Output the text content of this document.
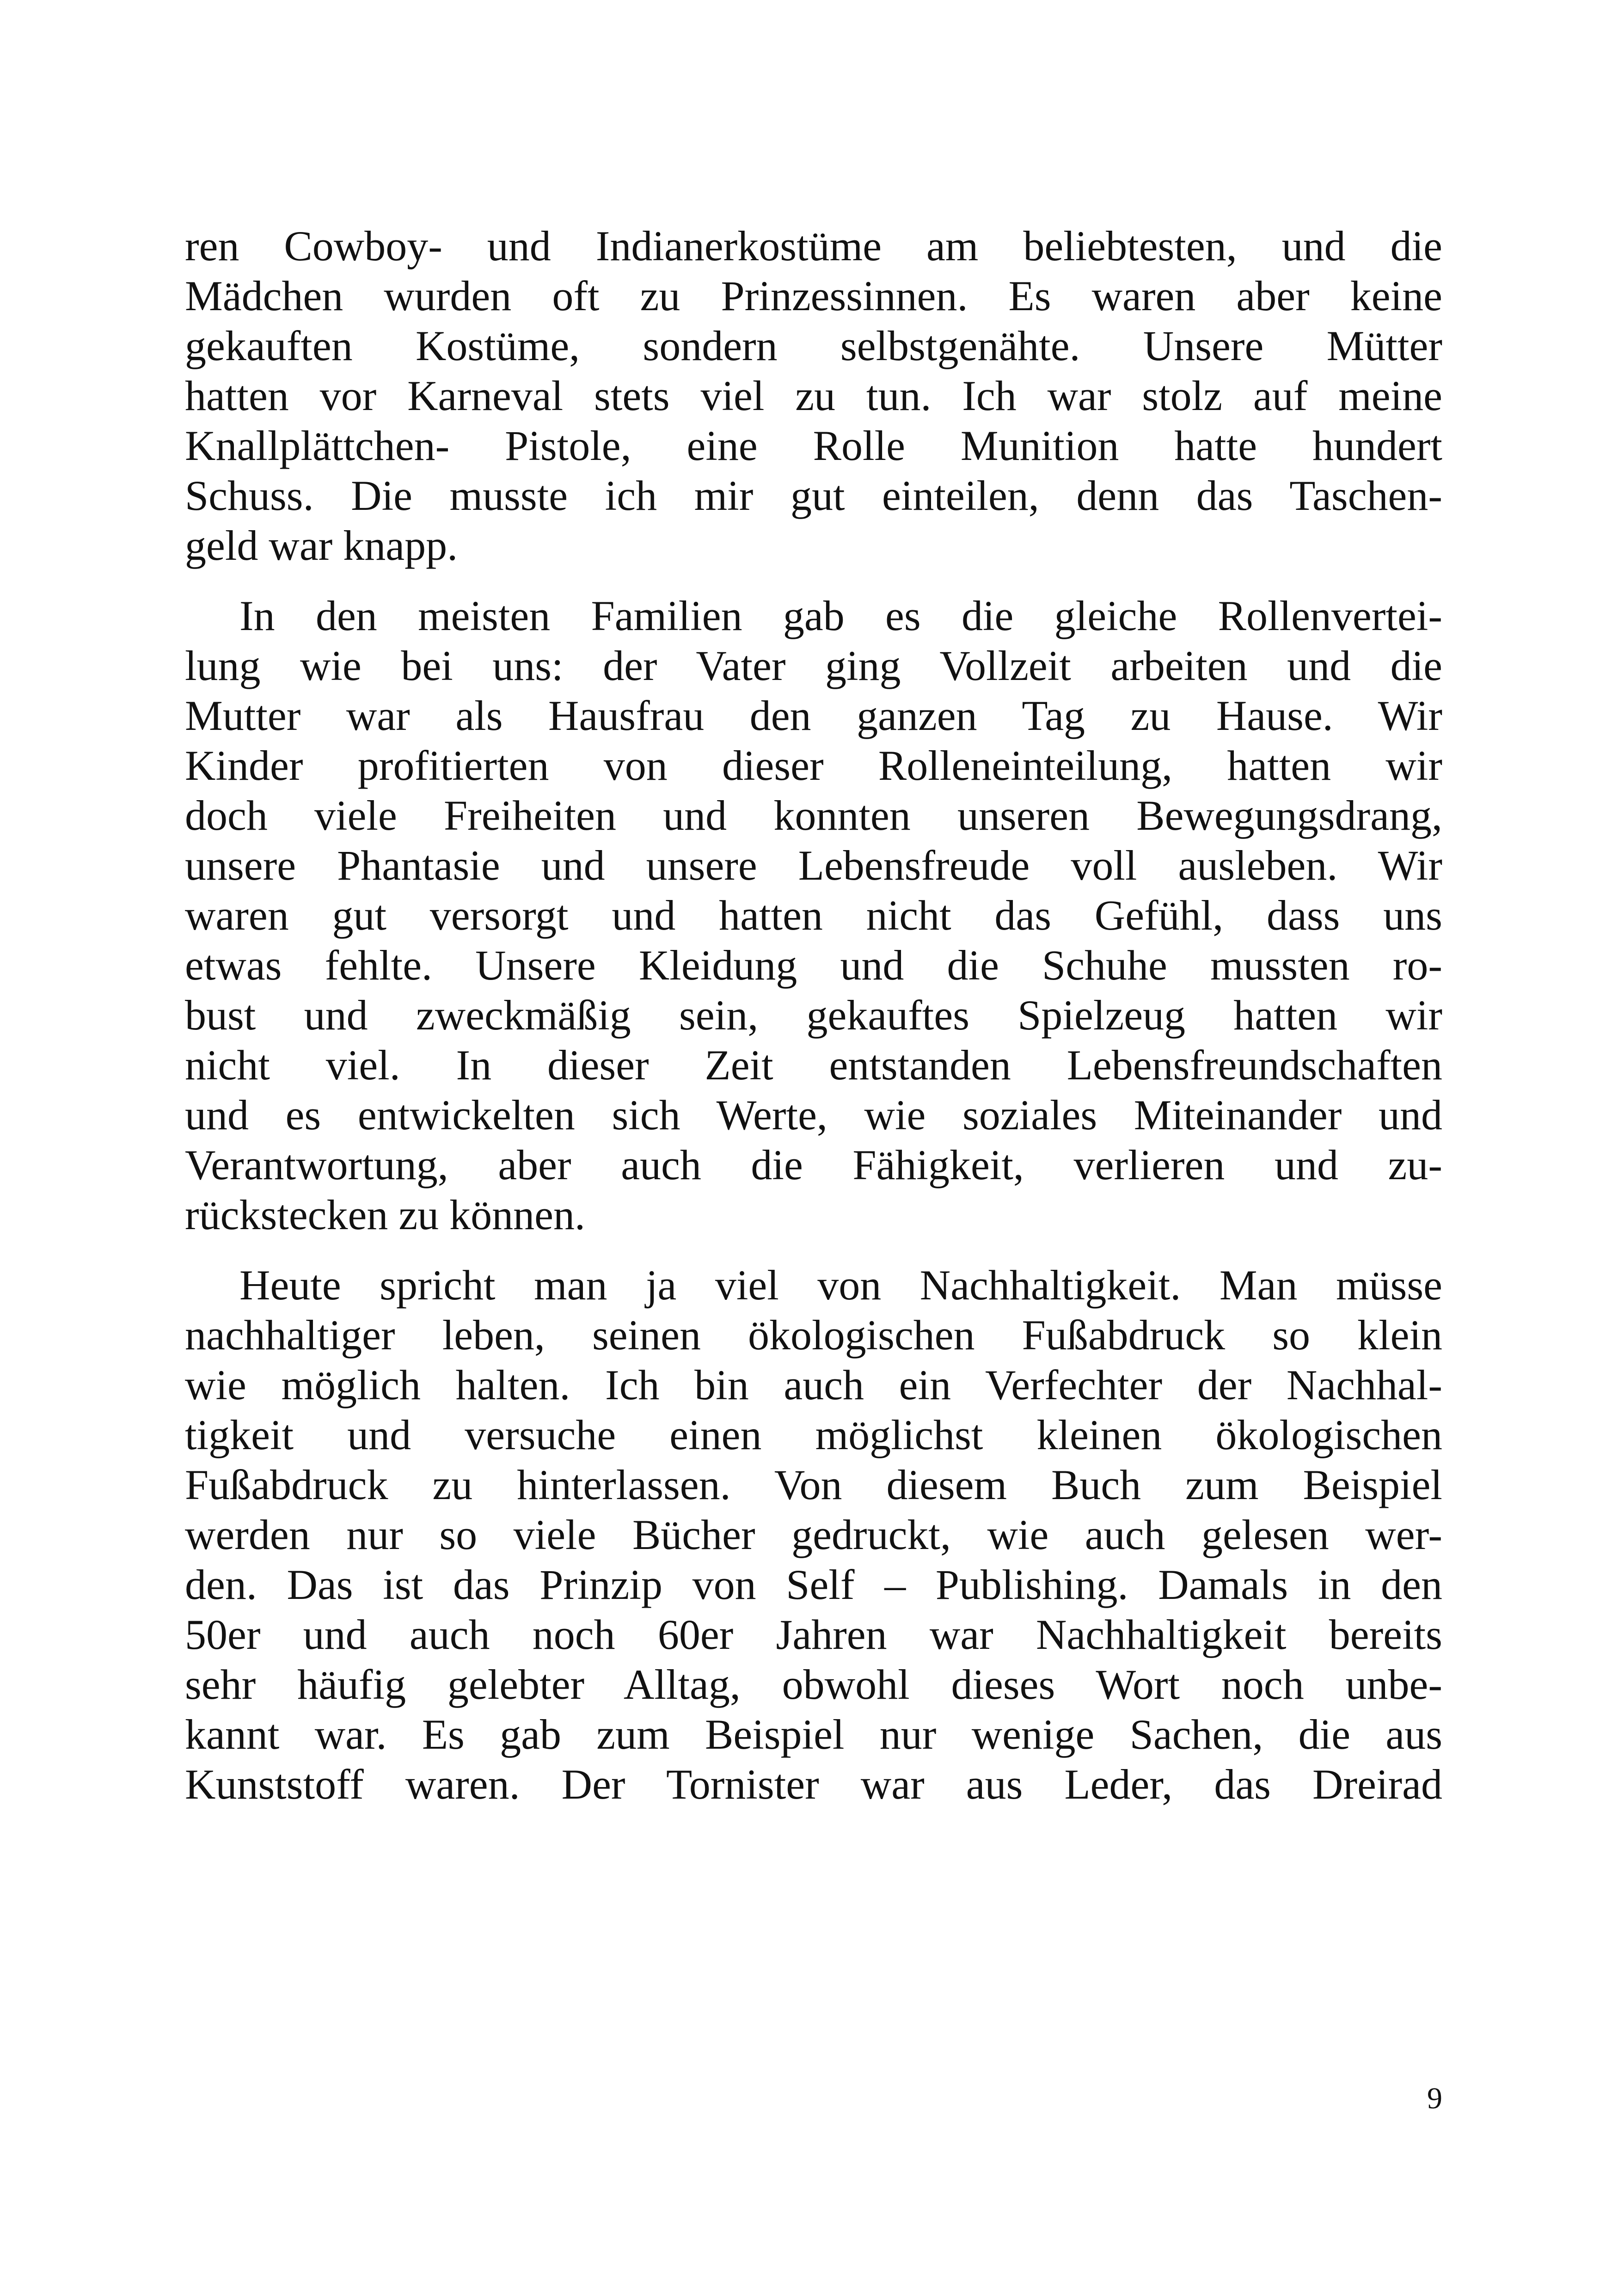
ren Cowboy- und Indianerkostüme am beliebtesten, und die
Mädchen wurden oft zu Prinzessinnen. Es waren aber keine
gekauften Kostüme, sondern selbstgenähte. Unsere Mütter
hatten vor Karneval stets viel zu tun. Ich war stolz auf meine
Knallplättchen- Pistole, eine Rolle Munition hatte hundert
Schuss. Die musste ich mir gut einteilen, denn das Taschen-
geld war knapp.

In den meisten Familien gab es die gleiche Rollenvertei-
lung wie bei uns: der Vater ging Vollzeit arbeiten und die
Mutter war als Hausfrau den ganzen Tag zu Hause. Wir
Kinder profitierten von dieser Rolleneinteilung, hatten wir
doch viele Freiheiten und konnten unseren Bewegungsdrang,
unsere Phantasie und unsere Lebensfreude voll ausleben. Wir
waren gut versorgt und hatten nicht das Gefühl, dass uns
etwas fehlte. Unsere Kleidung und die Schuhe mussten ro-
bust und zweckmäßig sein, gekauftes Spielzeug hatten wir
nicht viel. In dieser Zeit entstanden Lebensfreundschaften
und es entwickelten sich Werte, wie soziales Miteinander und
Verantwortung, aber auch die Fähigkeit, verlieren und zu-
rückstecken zu können.

Heute spricht man ja viel von Nachhaltigkeit. Man müsse
nachhaltiger leben, seinen ökologischen Fußabdruck so klein
wie möglich halten. Ich bin auch ein Verfechter der Nachhal-
tigkeit und versuche einen möglichst kleinen ökologischen
Fußabdruck zu hinterlassen. Von diesem Buch zum Beispiel
werden nur so viele Bücher gedruckt, wie auch gelesen wer-
den. Das ist das Prinzip von Self – Publishing. Damals in den
50er und auch noch 60er Jahren war Nachhaltigkeit bereits
sehr häufig gelebter Alltag, obwohl dieses Wort noch unbe-
kannt war. Es gab zum Beispiel nur wenige Sachen, die aus
Kunststoff waren. Der Tornister war aus Leder, das Dreirad

9
